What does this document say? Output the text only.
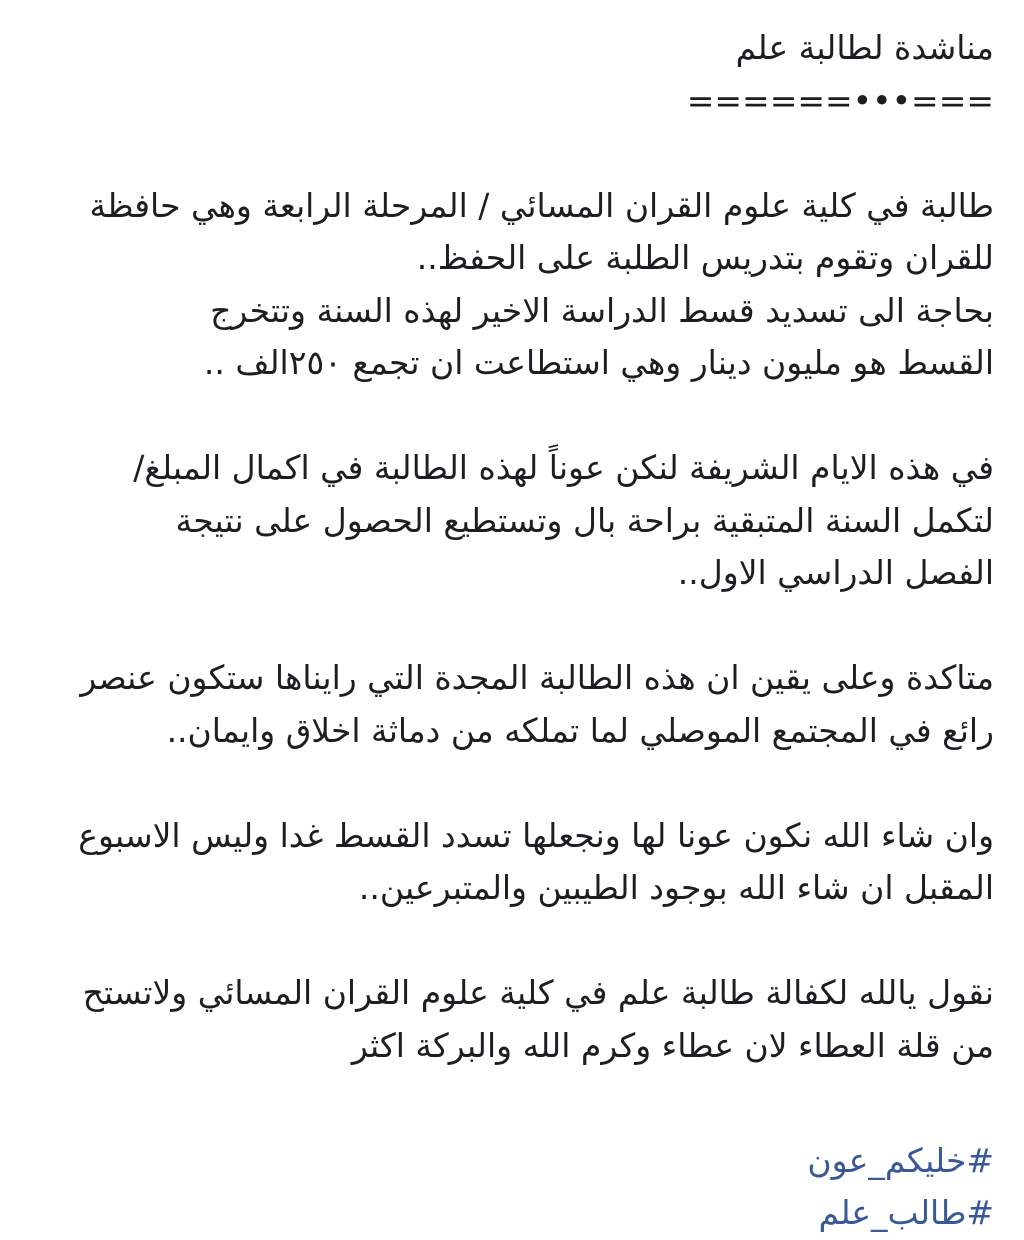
مناشدة لطالبة علم
===•••======
طالبة في كلية علوم القران المسائي / المرحلة الرابعة وهي حافظة
للقران وتقوم بتدريس الطلبة على الحفظ..
بحاجة الى تسديد قسط الدراسة الاخير لهذه السنة وتتخرج
القسط هو مليون دينار وهي استطاعت ان تجمع ٢٥٠الف ..
في هذه الايام الشريفة لنكن عوناً لهذه الطالبة في اكمال المبلغ/
لتكمل السنة المتبقية براحة بال وتستطيع الحصول على نتيجة
الفصل الدراسي الاول..
متاكدة وعلى يقين ان هذه الطالبة المجدة التي رايناها ستكون عنصر
رائع في المجتمع الموصلي لما تملكه من دماثة اخلاق وايمان..
وان شاء الله نكون عونا لها ونجعلها تسدد القسط غدا وليس الاسبوع
المقبل ان شاء الله بوجود الطيبين والمتبرعين..
نقول يالله لكفالة طالبة علم في كلية علوم القران المسائي ولاتستح
من قلة العطاء لان عطاء وكرم الله والبركة اكثر
#خليكم_عون
#طالب_علم
